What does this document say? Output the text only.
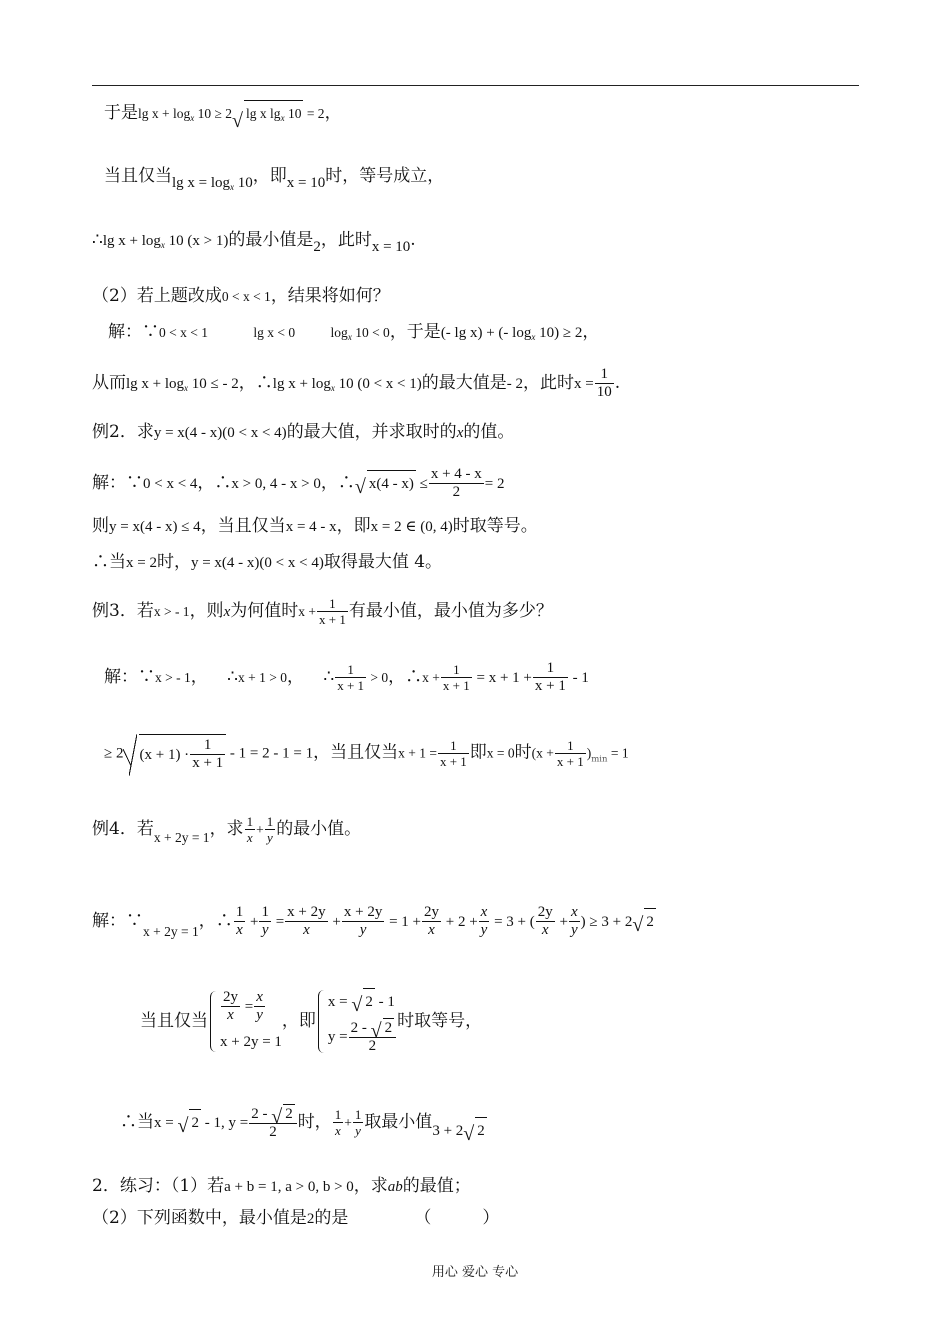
于是$\lg x + \log_x 10 \ge 2√$ lg x $\lg_x 10 = 2$，
当且仅当$\lg x = \log_x 10$，即x = 10时，等号成立，
∴lg $x + \log_x 10$ (x > 1)的最小值是2，此时x = 10.
（2）若上题改成0 < x < 1，结果将如何？
解：∵0 < x < 1	lg x < 0	$\log_x 10 < 0$，于是(- lg x) + (- $\log_x 10) \ge 2$，
从而$\lg x + \log_x 10$ ≤ - 2，∴lg $x + \log_x 10$ (0 < x < 1)的最大值是- 2，此时$x = \frac{1}{10}$ .
例2．求y = x(4 - x)(0 < x < 4)的最大值，并求取时的x的值。
解：∵0 < x < 4，∴x > 0, 4 - x > 0，∴√ $x(4 - x) \le \frac{x + 4 - x}{2} = 2$
则y = x(4 - x) ≤ 4，当且仅当x = 4 - x，即x = 2 ∈ (0, 4)时取等号。
∴当x = 2时，y = x(4 - x)(0 < x < 4)取得最大值 4。
例3．若x > - 1，则x为何值时$x + \frac{1}{x + 1}$ 有最小值，最小值为多少？
解：∵x > - 1， ∴x + 1 > 0， ∴ $\frac{1}{x + 1} > 0$，∴x + $\frac{1}{x + 1} = x + 1 + \frac{1}{x + 1} - 1$
≥ 2 $(x + 1) \cdot \frac{1}{x + 1} - 1 = 2 - 1 = 1$，当且仅当$x + 1 = \frac{1}{x + 1}$ 即x = 0时$(x + \frac{1}{x + 1} )_{min} = 1$
例4．若$_{x + 2y = 1}$，求 $\frac{1}{x} + \frac{1}{y}$ 的最小值。
解：$\because_{x + 2y = 1}$，∴ $\frac{1}{x} + \frac{1}{y} = \frac{x + 2y}{x} + \frac{x + 2y}{y} = 1 + \frac{2y}{x} + 2 + \frac{x}{y} = 3$ + ( $\frac{2y}{x} + \frac{x}{y}$ ) ≥ 3 + 2√ 2
当且仅当 $\frac{2y}{x} = \frac{x}{y}$
x + 2y = 1
，即
x = √ 2 - 1
$y = \frac{2 - √ 2}{2}$ 时取等号，
∴当x = √ 2 - 1, $y = \frac{2 - √ 2}{2}$ 时， $\frac{1}{x} + \frac{1}{y}$ 取最小值3 + 2√ 2
2．练习：（1）若a + b = 1, a > 0, b > 0，求ab的最值；
（2）下列函数中，最小值是2的是	（　　　）
用心 爱心 专心
